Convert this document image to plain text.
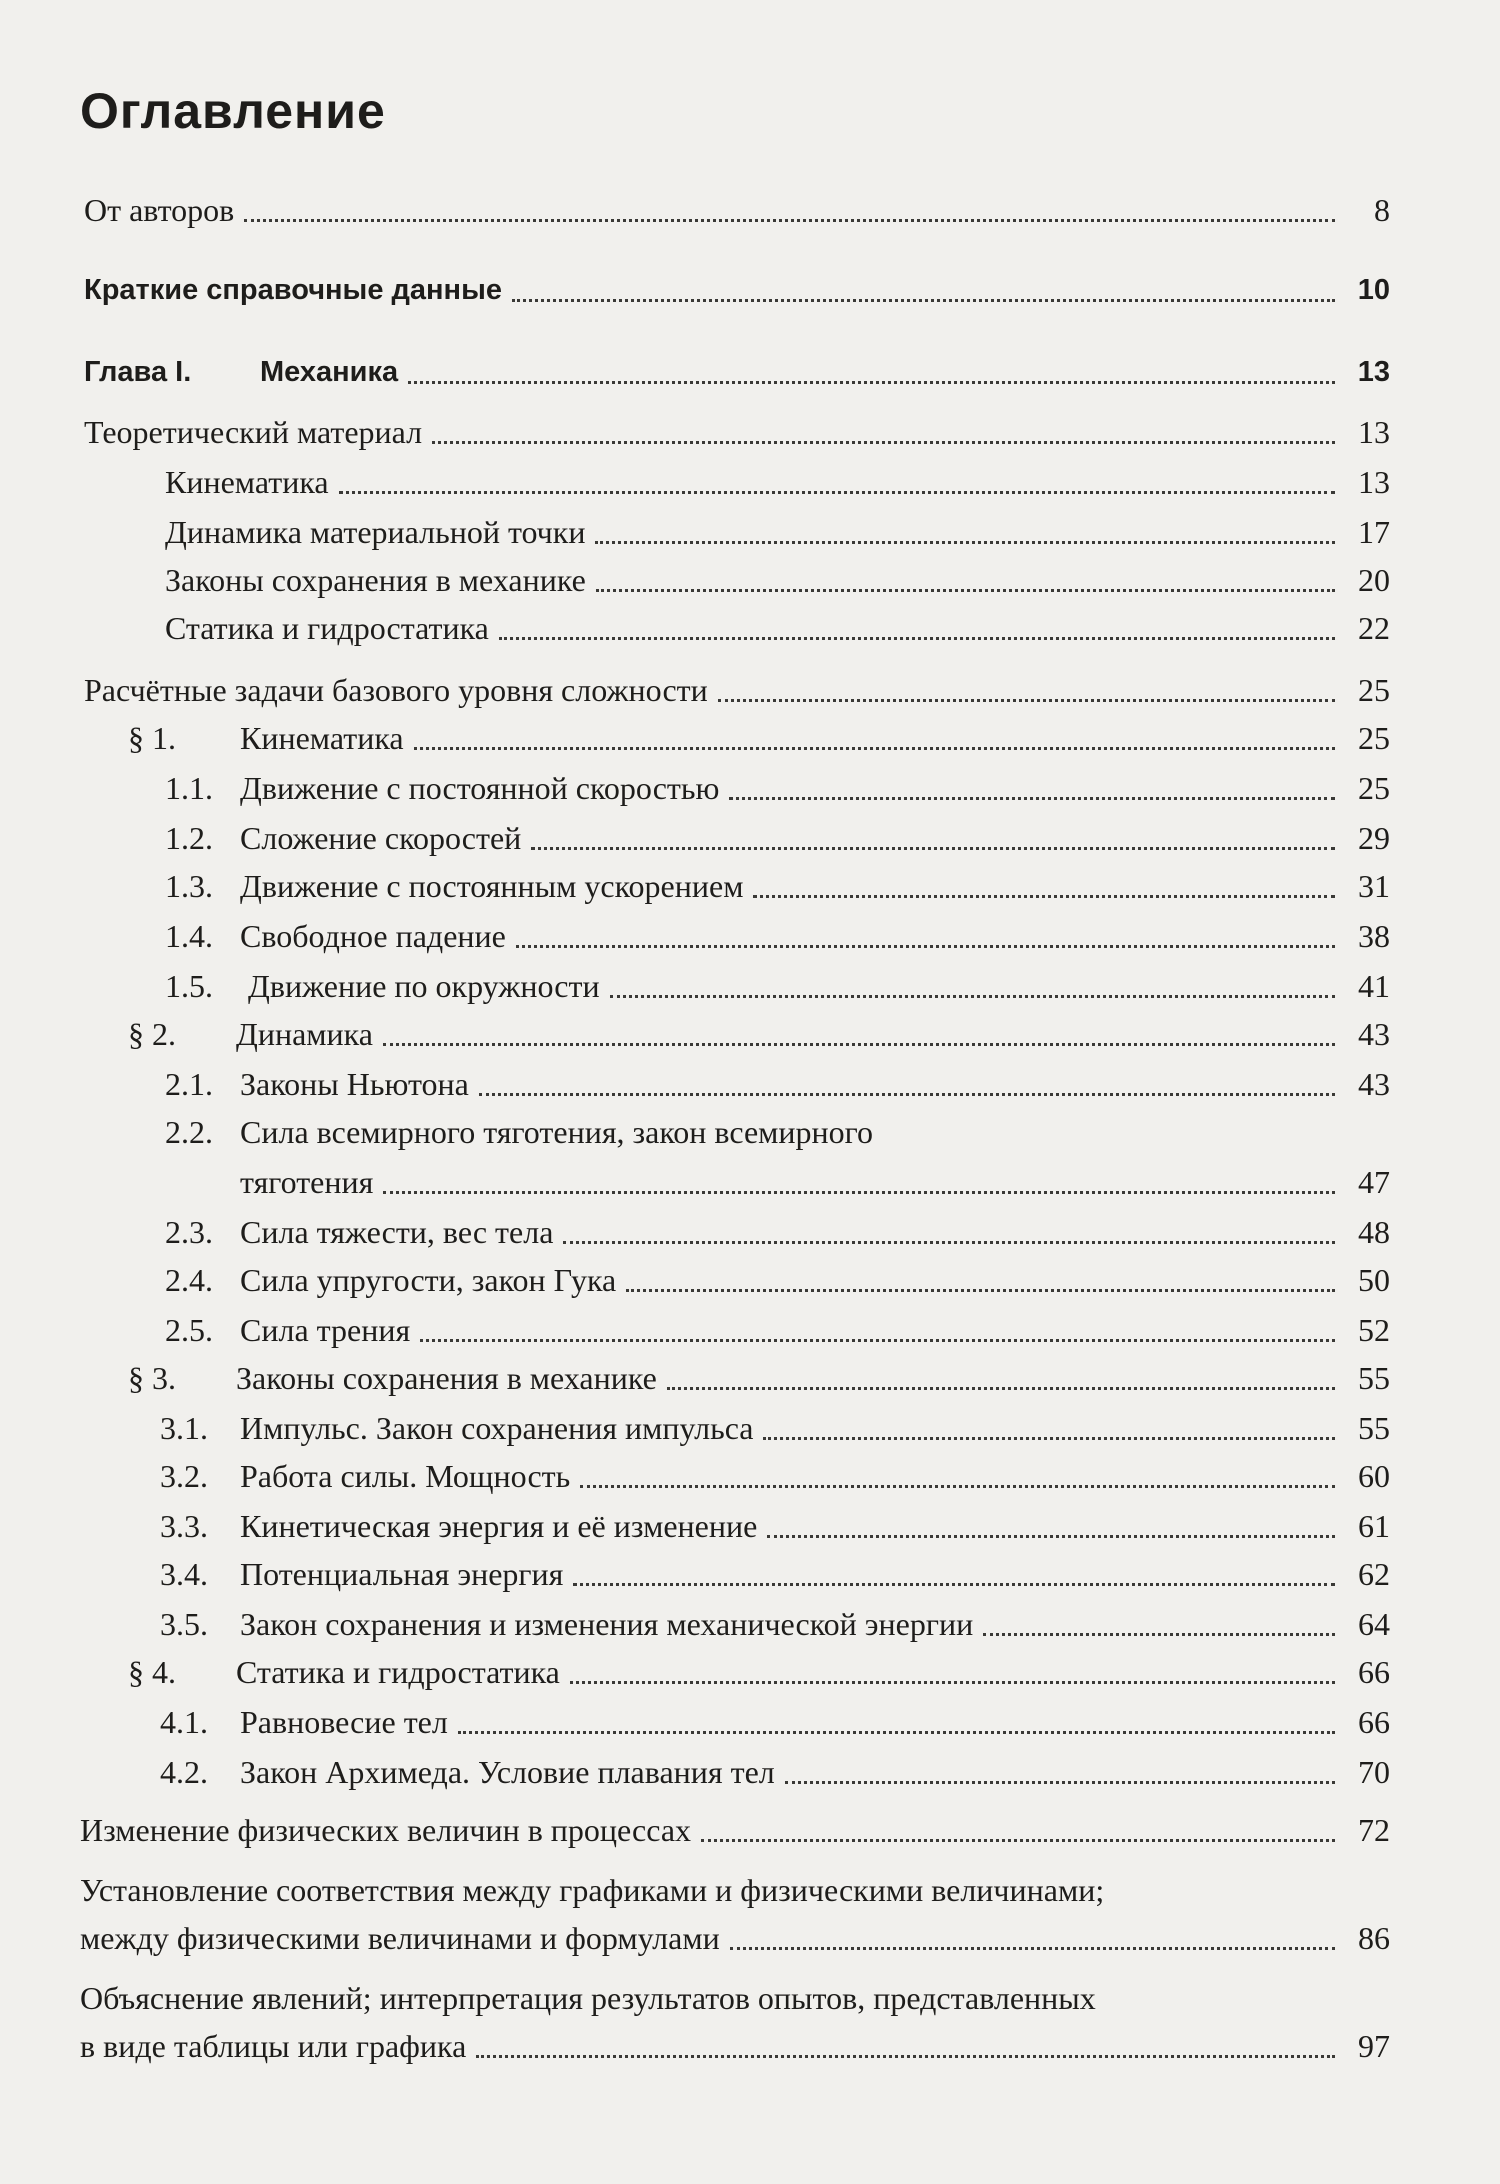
Оглавление
От авторов	8
Краткие справочные данные	10
Глава I. Механика	13
Теоретический материал	13
Кинематика	13
Динамика материальной точки	17
Законы сохранения в механике	20
Статика и гидростатика	22
Расчётные задачи базового уровня сложности	25
§ 1. Кинематика	25
1.1. Движение с постоянной скоростью	25
1.2. Сложение скоростей	29
1.3. Движение с постоянным ускорением	31
1.4. Свободное падение	38
1.5. Движение по окружности	41
§ 2. Динамика	43
2.1. Законы Ньютона	43
2.2. Сила всемирного тяготения, закон всемирного
тяготения	47
2.3. Сила тяжести, вес тела	48
2.4. Сила упругости, закон Гука	50
2.5. Сила трения	52
§ 3. Законы сохранения в механике	55
3.1. Импульс. Закон сохранения импульса	55
3.2. Работа силы. Мощность	60
3.3. Кинетическая энергия и её изменение	61
3.4. Потенциальная энергия	62
3.5. Закон сохранения и изменения механической энергии	64
§ 4. Статика и гидростатика	66
4.1. Равновесие тел	66
4.2. Закон Архимеда. Условие плавания тел	70
Изменение физических величин в процессах	72
Установление соответствия между графиками и физическими величинами;
между физическими величинами и формулами	86
Объяснение явлений; интерпретация результатов опытов, представленных
в виде таблицы или графика	97
